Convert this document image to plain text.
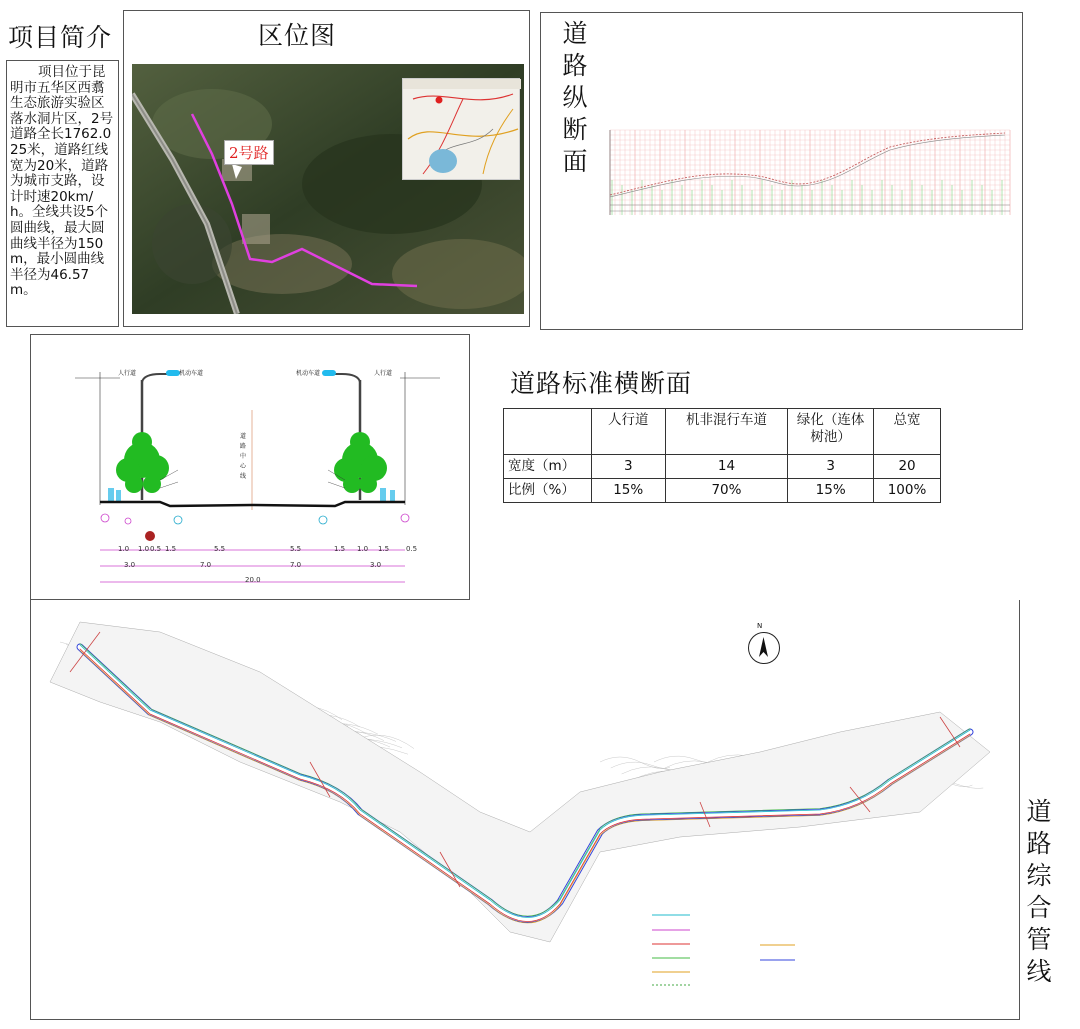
项目简介

项目位于昆明市五华区西翥生态旅游实验区落水洞片区，2号道路全长1762.025米，道路红线宽为20米，道路为城市支路，设计时速20km/h。全线共设5个圆曲线，最大圆曲线半径为150m，最小圆曲线半径为46.57m。

区位图
2号路
道
路
纵
断
面
人行道	机动车道	机动车道	人行道
道路中心线
1.0 1.0 0.5 1.5	5.5	5.5	1.5 1.0 1.5 0.5
3.0	7.0	7.0	3.0
20.0
道路标准横断面
	人行道	机非混行车道	绿化（连体树池）	总宽
宽度（m）	3	14	3	20
比例（%）	15%	70%	15%	100%
道
路
综
合
管
线
N
